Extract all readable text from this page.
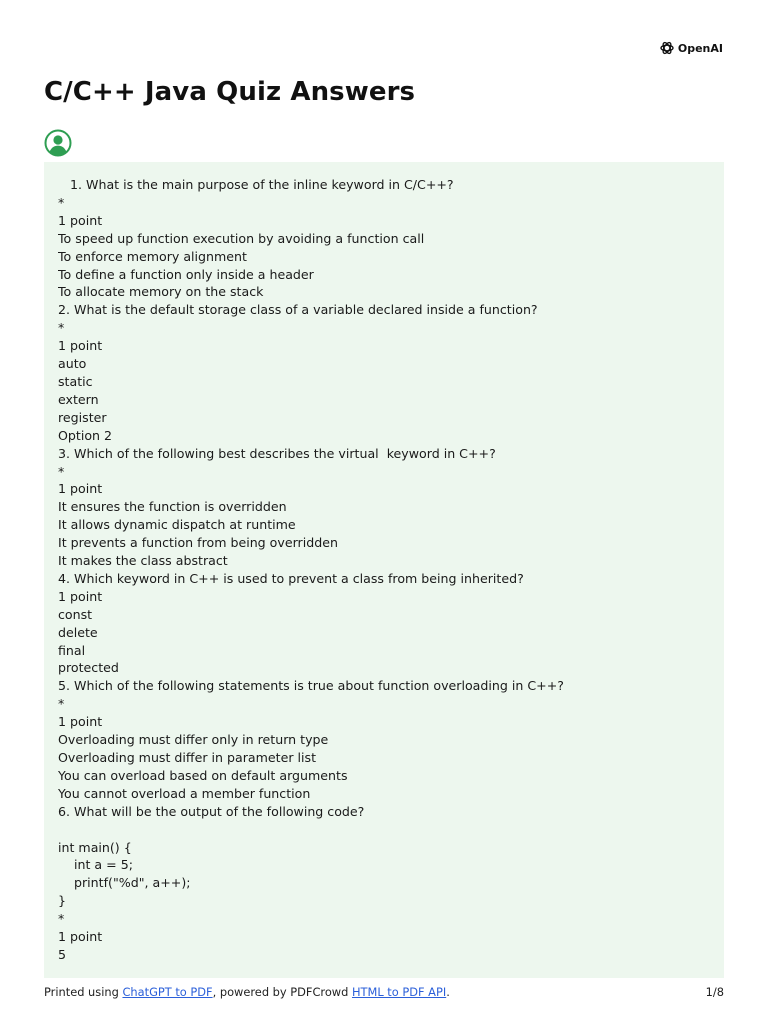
OpenAI
C/C++ Java Quiz Answers
1. What is the main purpose of the inline keyword in C/C++?
*
1 point
To speed up function execution by avoiding a function call
To enforce memory alignment
To define a function only inside a header
To allocate memory on the stack
2. What is the default storage class of a variable declared inside a function?
*
1 point
auto
static
extern
register
Option 2
3. Which of the following best describes the virtual  keyword in C++?
*
1 point
It ensures the function is overridden
It allows dynamic dispatch at runtime
It prevents a function from being overridden
It makes the class abstract
4. Which keyword in C++ is used to prevent a class from being inherited?
1 point
const
delete
final
protected
5. Which of the following statements is true about function overloading in C++?
*
1 point
Overloading must differ only in return type
Overloading must differ in parameter list
You can overload based on default arguments
You cannot overload a member function
6. What will be the output of the following code?
int main() {
int a = 5;
printf("%d", a++);
}
*
1 point
5
Printed using ChatGPT to PDF, powered by PDFCrowd HTML to PDF API.	1/8
